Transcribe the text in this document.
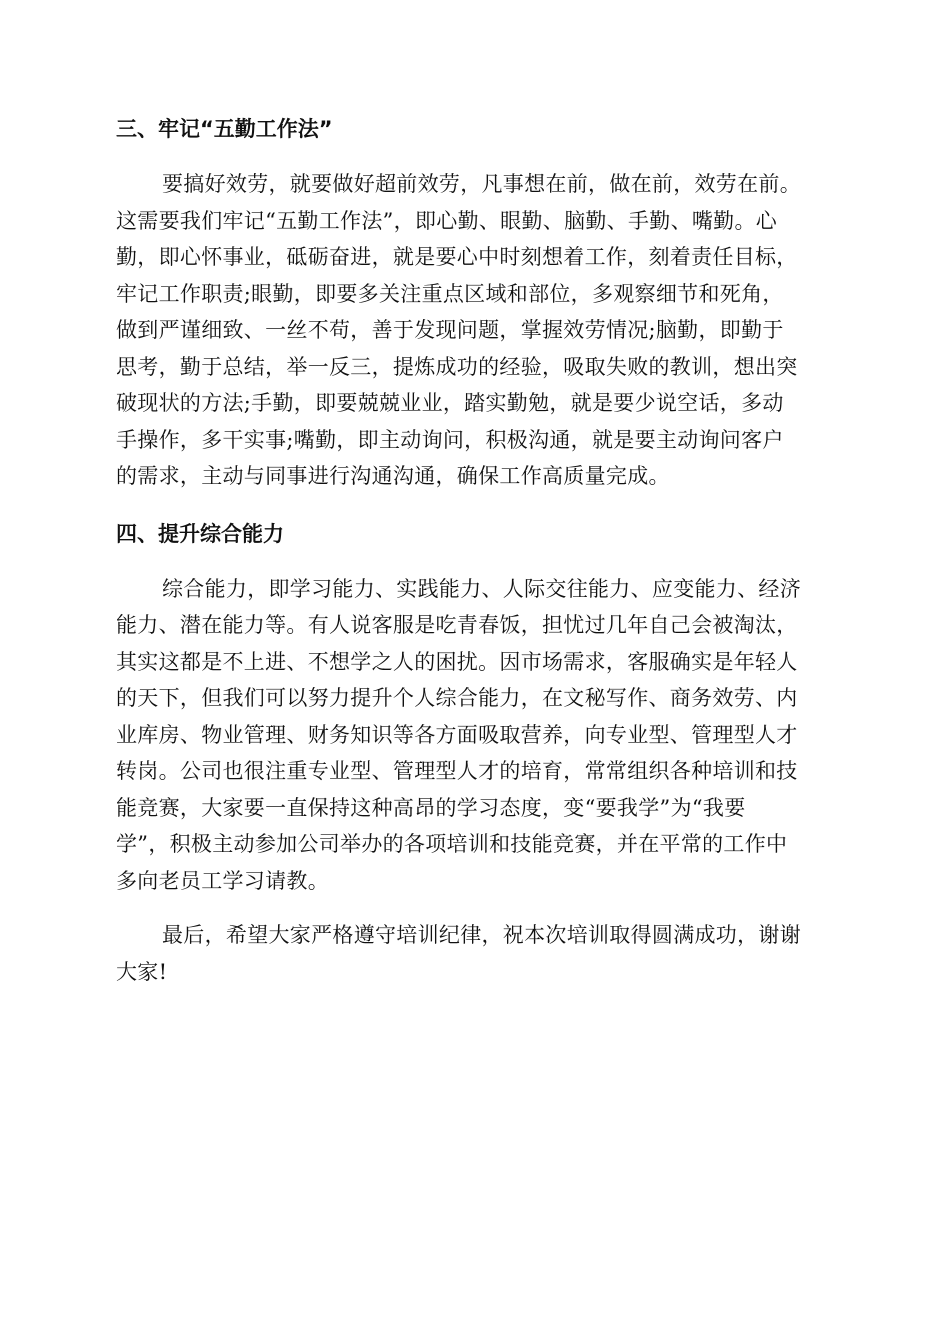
三、牢记“五勤工作法”

要搞好效劳，就要做好超前效劳，凡事想在前，做在前，效劳在前。
这需要我们牢记“五勤工作法”，即心勤、眼勤、脑勤、手勤、嘴勤。心
勤，即心怀事业，砥砺奋进，就是要心中时刻想着工作，刻着责任目标，
牢记工作职责;眼勤，即要多关注重点区域和部位，多观察细节和死角，
做到严谨细致、一丝不苟，善于发现问题，掌握效劳情况;脑勤，即勤于
思考，勤于总结，举一反三，提炼成功的经验，吸取失败的教训，想出突
破现状的方法;手勤，即要兢兢业业，踏实勤勉，就是要少说空话，多动
手操作，多干实事;嘴勤，即主动询问，积极沟通，就是要主动询问客户
的需求，主动与同事进行沟通沟通，确保工作高质量完成。

四、提升综合能力

综合能力，即学习能力、实践能力、人际交往能力、应变能力、经济
能力、潜在能力等。有人说客服是吃青春饭，担忧过几年自己会被淘汰，
其实这都是不上进、不想学之人的困扰。因市场需求，客服确实是年轻人
的天下，但我们可以努力提升个人综合能力，在文秘写作、商务效劳、内
业库房、物业管理、财务知识等各方面吸取营养，向专业型、管理型人才
转岗。公司也很注重专业型、管理型人才的培育，常常组织各种培训和技
能竞赛，大家要一直保持这种高昂的学习态度，变“要我学”为“我要
学”，积极主动参加公司举办的各项培训和技能竞赛，并在平常的工作中
多向老员工学习请教。

最后，希望大家严格遵守培训纪律，祝本次培训取得圆满成功，谢谢
大家!
